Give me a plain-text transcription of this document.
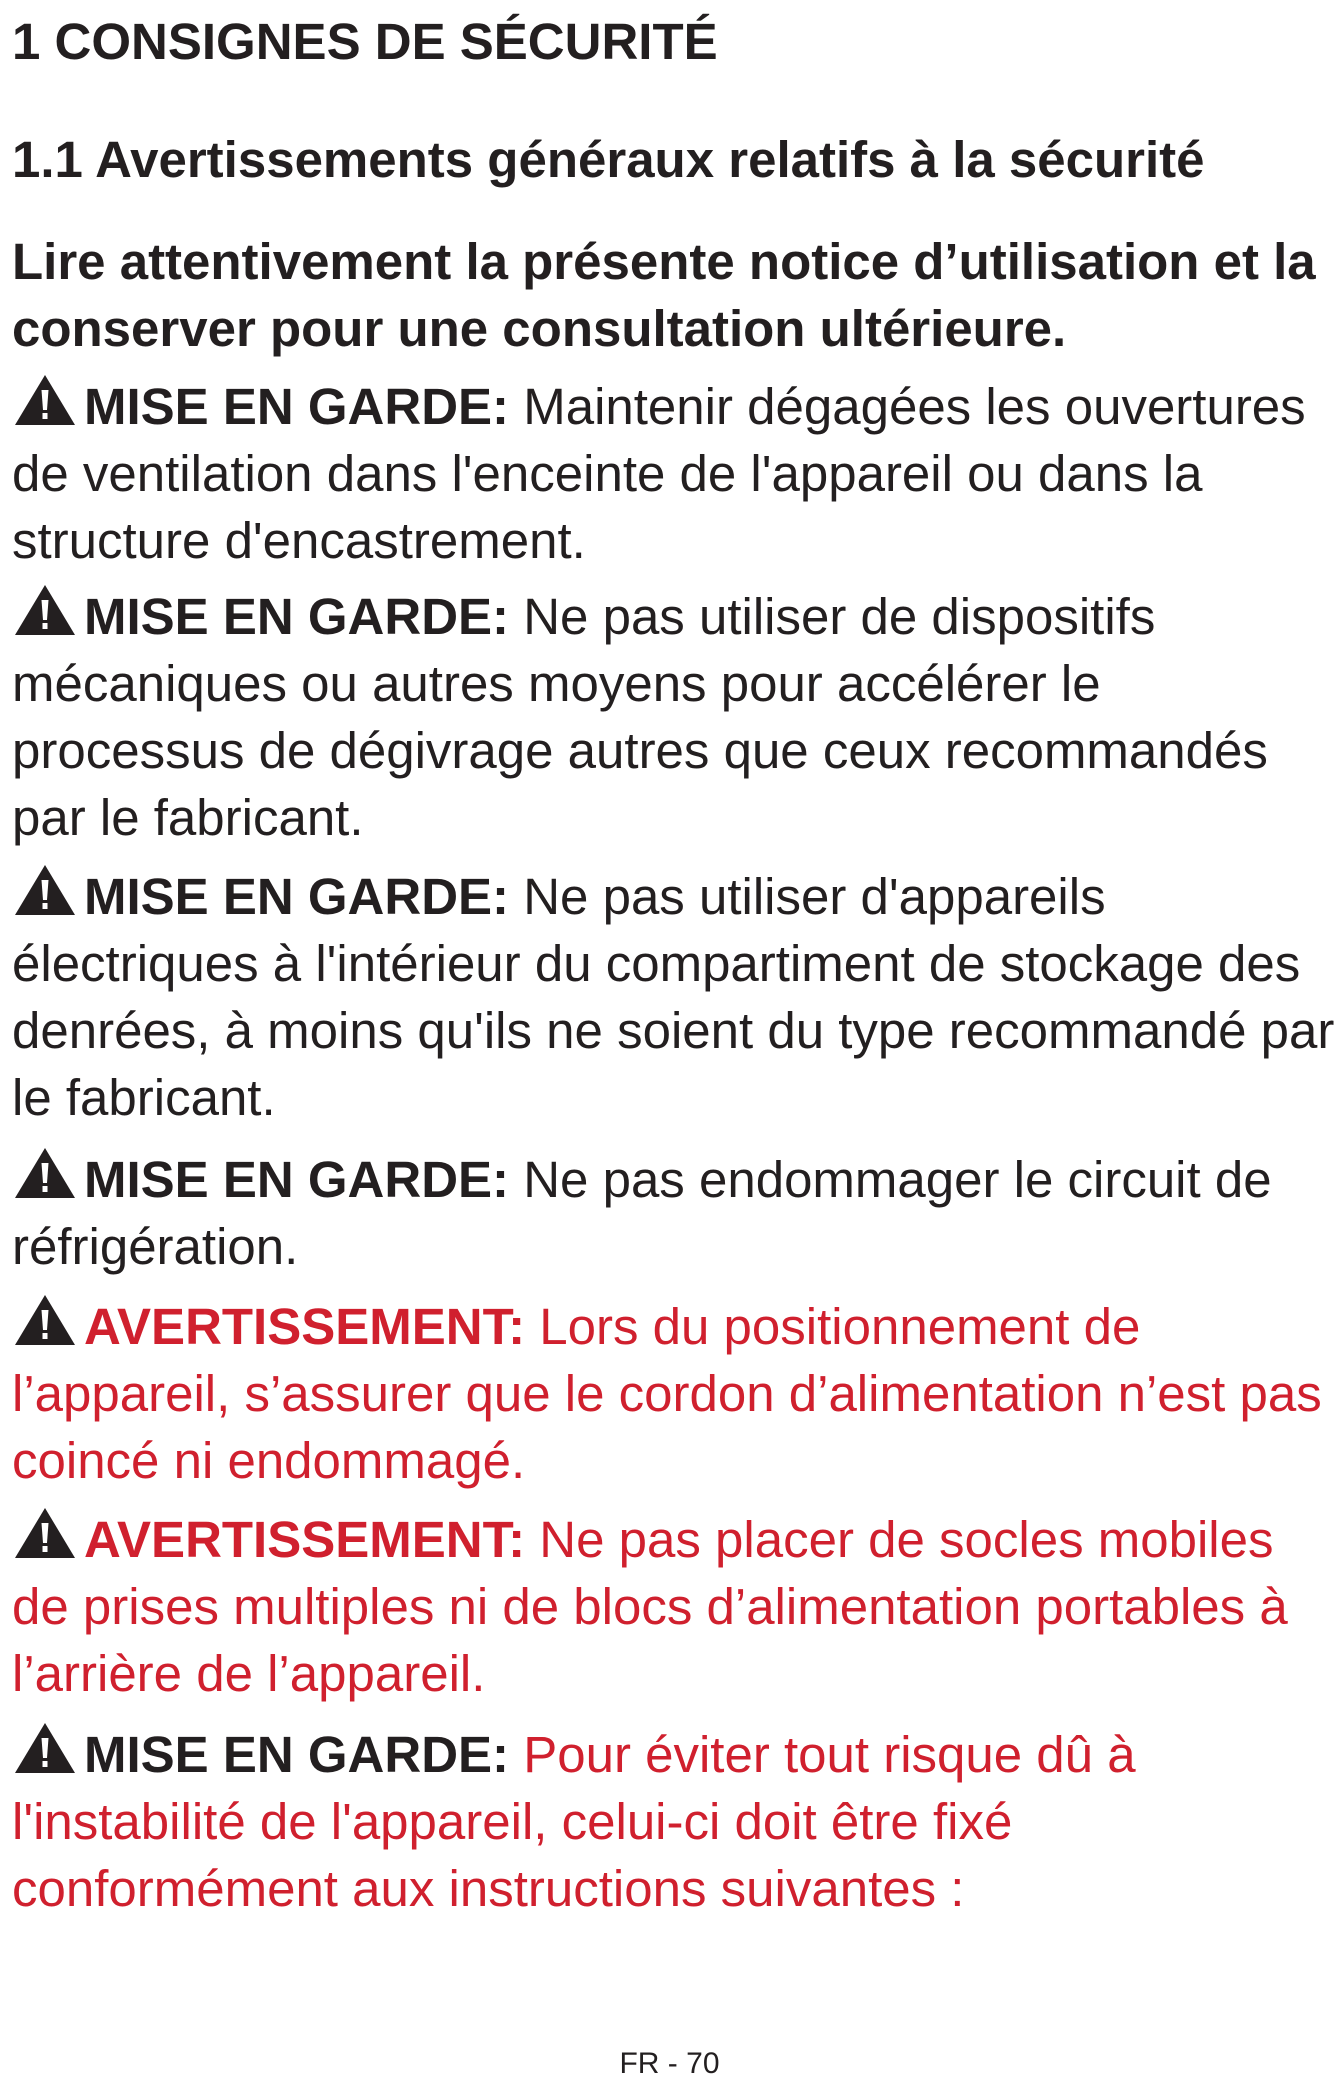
1 CONSIGNES DE SÉCURITÉ
1.1 Avertissements généraux relatifs à la sécurité
Lire attentivement la présente notice d’utilisation et la conserver pour une consultation ultérieure.
MISE EN GARDE: Maintenir dégagées les ouvertures de ventilation dans l'enceinte de l'appareil ou dans la structure d'encastrement.
MISE EN GARDE: Ne pas utiliser de dispositifs mécaniques ou autres moyens pour accélérer le processus de dégivrage autres que ceux recommandés par le fabricant.
MISE EN GARDE: Ne pas utiliser d'appareils électriques à l'intérieur du compartiment de stockage des denrées, à moins qu'ils ne soient du type recommandé par le fabricant.
MISE EN GARDE: Ne pas endommager le circuit de réfrigération.
AVERTISSEMENT: Lors du positionnement de l’appareil, s’assurer que le cordon d’alimentation n’est pas coincé ni endommagé.
AVERTISSEMENT: Ne pas placer de socles mobiles de prises multiples ni de blocs d’alimentation portables à l’arrière de l’appareil.
MISE EN GARDE: Pour éviter tout risque dû à l'instabilité de l'appareil, celui-ci doit être fixé conformément aux instructions suivantes :
FR - 70
